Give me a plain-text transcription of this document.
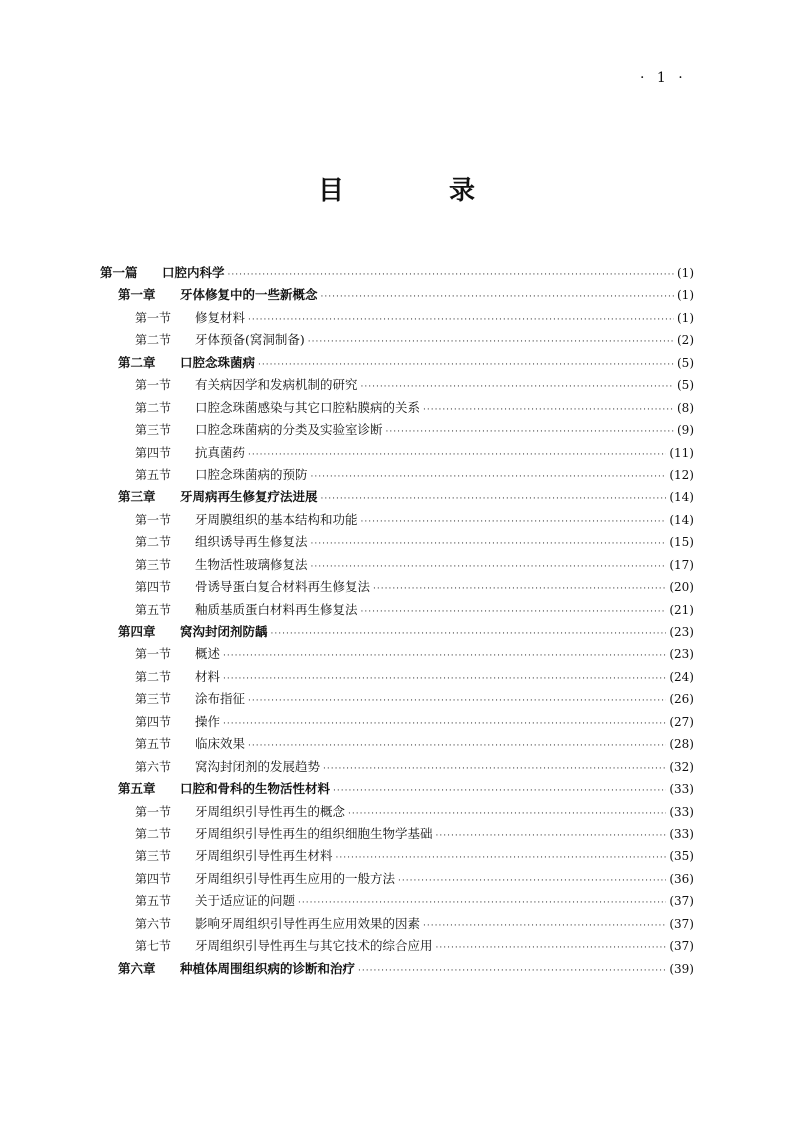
· 1 ·
目 录
第一篇	口腔内科学 ·····	(1)
第一章	牙体修复中的一些新概念 ·····	(1)
第一节	修复材料 ·····	(1)
第二节	牙体预备(窝洞制备) ·····	(2)
第二章	口腔念珠菌病 ·····	(5)
第一节	有关病因学和发病机制的研究 ·····	(5)
第二节	口腔念珠菌感染与其它口腔粘膜病的关系 ·····	(8)
第三节	口腔念珠菌病的分类及实验室诊断 ·····	(9)
第四节	抗真菌药 ·····	(11)
第五节	口腔念珠菌病的预防 ·····	(12)
第三章	牙周病再生修复疗法进展 ·····	(14)
第一节	牙周膜组织的基本结构和功能 ·····	(14)
第二节	组织诱导再生修复法 ·····	(15)
第三节	生物活性玻璃修复法 ·····	(17)
第四节	骨诱导蛋白复合材料再生修复法 ·····	(20)
第五节	釉质基质蛋白材料再生修复法 ·····	(21)
第四章	窝沟封闭剂防龋 ·····	(23)
第一节	概述 ·····	(23)
第二节	材料 ·····	(24)
第三节	涂布指征 ·····	(26)
第四节	操作 ·····	(27)
第五节	临床效果 ·····	(28)
第六节	窝沟封闭剂的发展趋势 ·····	(32)
第五章	口腔和骨科的生物活性材料 ·····	(33)
第一节	牙周组织引导性再生的概念 ·····	(33)
第二节	牙周组织引导性再生的组织细胞生物学基础 ·····	(33)
第三节	牙周组织引导性再生材料 ·····	(35)
第四节	牙周组织引导性再生应用的一般方法 ·····	(36)
第五节	关于适应证的问题 ·····	(37)
第六节	影响牙周组织引导性再生应用效果的因素 ·····	(37)
第七节	牙周组织引导性再生与其它技术的综合应用 ·····	(37)
第六章	种植体周围组织病的诊断和治疗 ·····	(39)
